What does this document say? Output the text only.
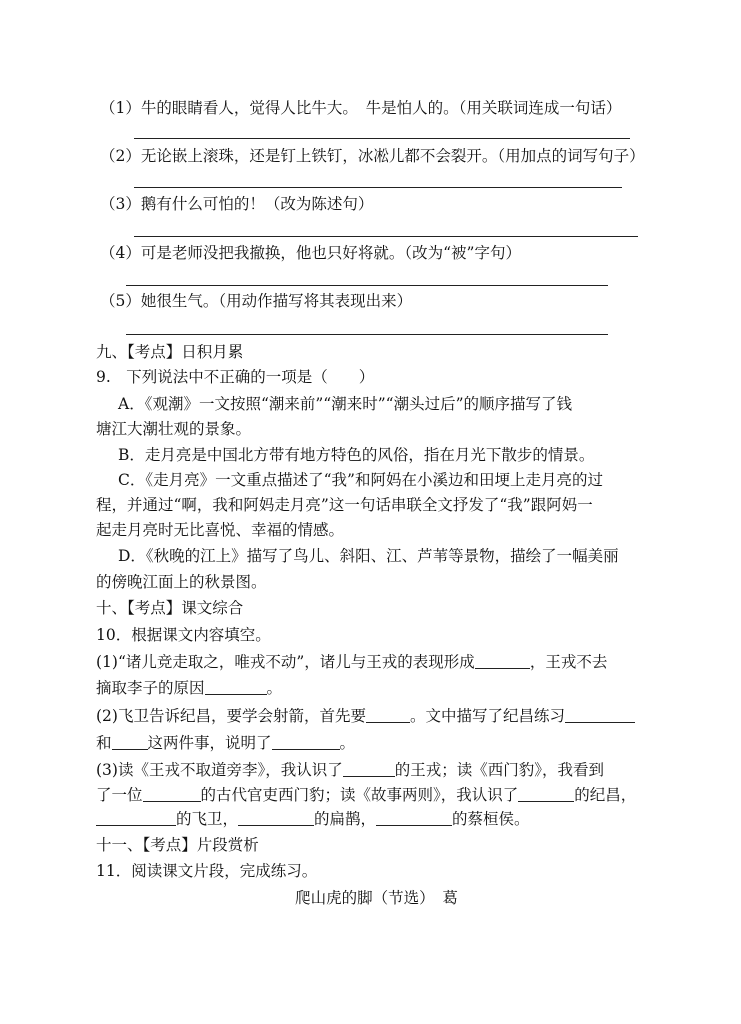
（1）牛的眼睛看人，觉得人比牛大。　牛是怕人的。（用关联词连成一句话）
（2）无论嵌上滚珠，还是钉上铁钉，冰凇儿都不会裂开。（用加点的词写句子）
（3）鹅有什么可怕的！（改为陈述句）
（4）可是老师没把我撤换，他也只好将就。（改为“被”字句）
（5）她很生气。（用动作描写将其表现出来）
九、【考点】日积月累
9.　下列说法中不正确的一项是（　　）
A．《观潮》一文按照“潮来前”“潮来时”“潮头过后”的顺序描写了钱
塘江大潮壮观的景象。
B．走月亮是中国北方带有地方特色的风俗，指在月光下散步的情景。
C．《走月亮》一文重点描述了“我”和阿妈在小溪边和田埂上走月亮的过
程，并通过“啊，我和阿妈走月亮”这一句话串联全文抒发了“我”跟阿妈一
起走月亮时无比喜悦、幸福的情感。
D．《秋晚的江上》描写了鸟儿、斜阳、江、芦苇等景物，描绘了一幅美丽
的傍晚江面上的秋景图。
十、【考点】课文综合
10．根据课文内容填空。
(1)“诸儿竞走取之，唯戎不动”，诸儿与王戎的表现形成	，王戎不去
摘取李子的原因	。
(2)飞卫告诉纪昌，要学会射箭，首先要	。文中描写了纪昌练习
和 这两件事，说明了	。
(3)读《王戎不取道旁李》，我认识了	的王戎；读《西门豹》，我看到
了一位	的古代官吏西门豹；读《故事两则》，我认识了	的纪昌，
的飞卫，	的扁鹊，	的蔡桓侯。
十一、【考点】片段赏析
11．阅读课文片段，完成练习。
爬山虎的脚（节选）　葛
